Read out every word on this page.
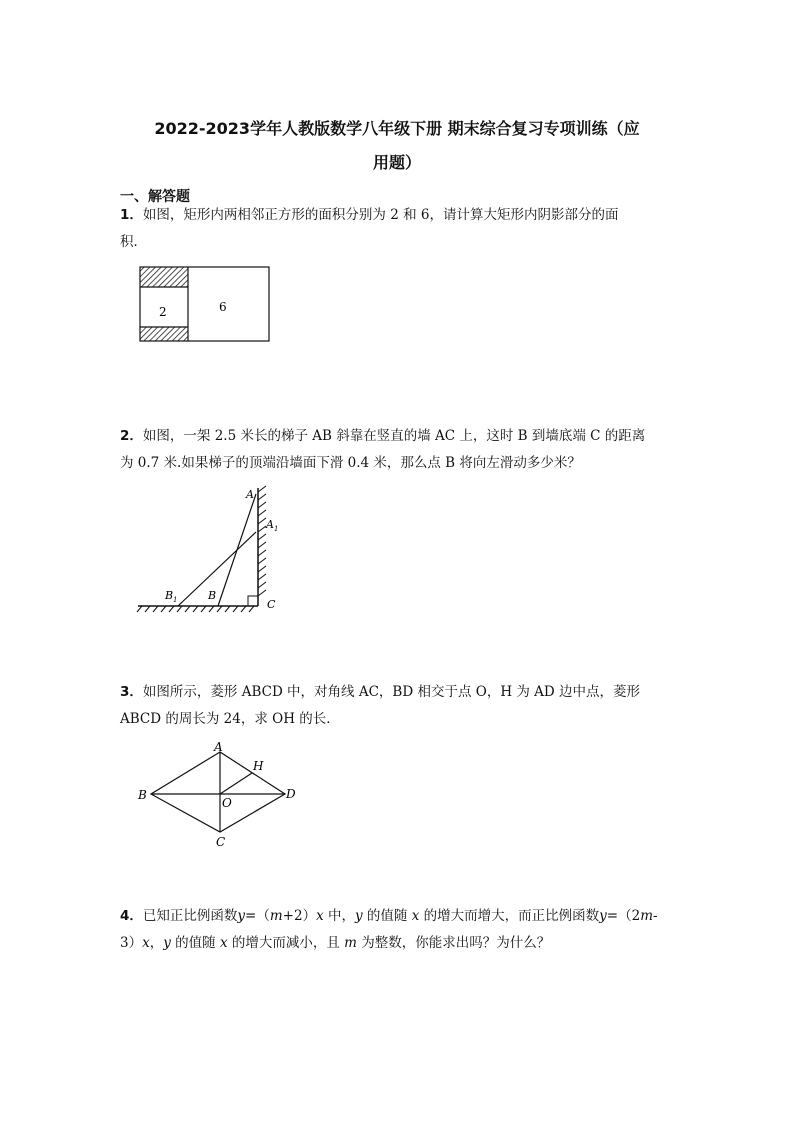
2022-2023学年人教版数学八年级下册 期末综合复习专项训练（应
用题）
一、解答题
1．如图，矩形内两相邻正方形的面积分别为 2 和 6，请计算大矩形内阴影部分的面
积．
2	6
2．如图，一架 2.5 米长的梯子 AB 斜靠在竖直的墙 AC 上，这时 B 到墙底端 C 的距离
为 0.7 米.如果梯子的顶端沿墙面下滑 0.4 米，那么点 B 将向左滑动多少米？
A
A 1
B 1	B
C
3．如图所示，菱形 ABCD 中，对角线 AC，BD 相交于点 O，H 为 AD 边中点，菱形
ABCD 的周长为 24，求 OH 的长．
A
B
C
D
H
O
4．已知正比例函数y=（m+2）x 中，y 的值随 x 的增大而增大，而正比例函数y=（2m-
3）x，y 的值随 x 的增大而减小，且 m 为整数，你能求出吗？为什么？
